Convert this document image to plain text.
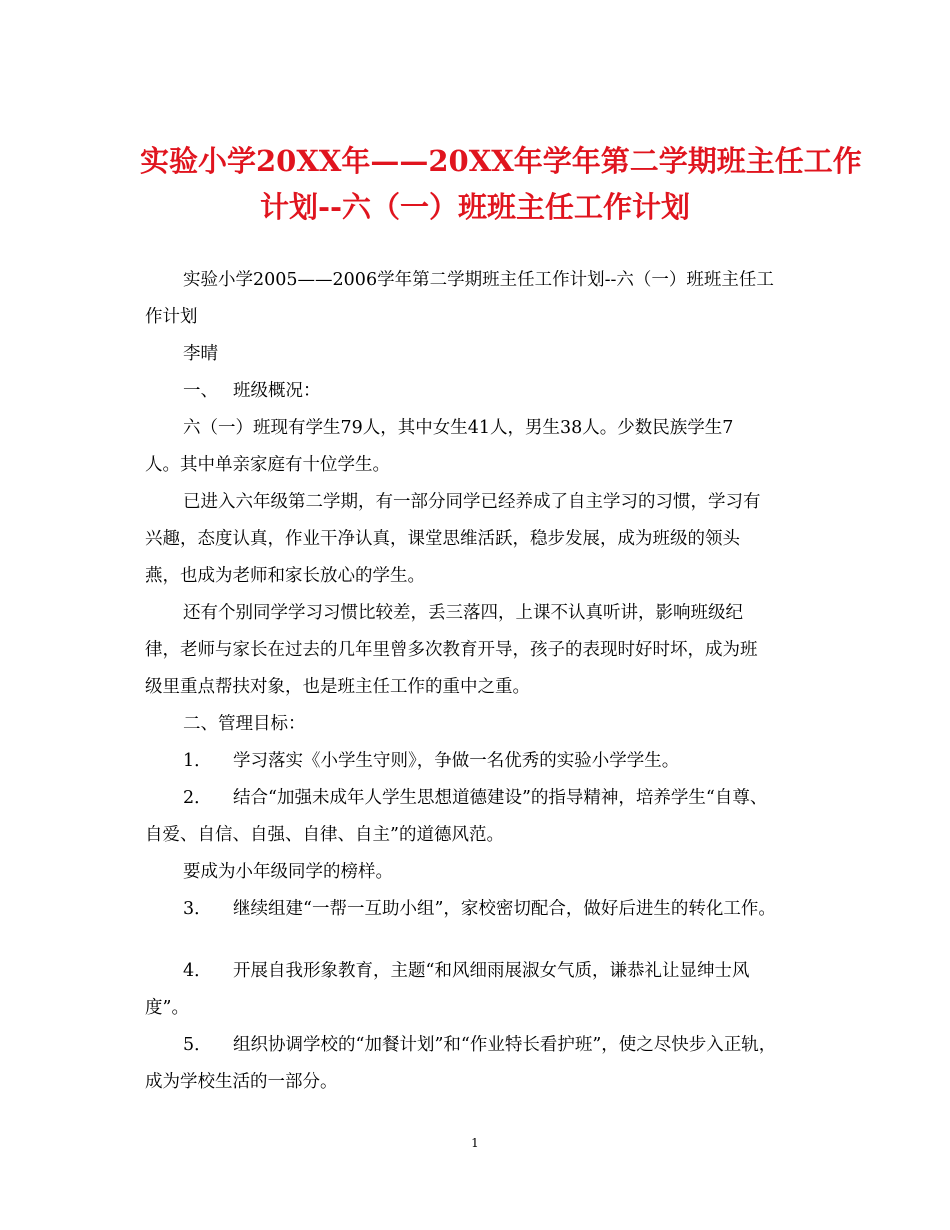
实验小学20XX年——20XX年学年第二学期班主任工作
计划--六（一）班班主任工作计划

实验小学2005——2006学年第二学期班主任工作计划--六（一）班班主任工
作计划

李晴

一、 班级概况：

六（一）班现有学生79人，其中女生41人，男生38人。少数民族学生7
人。其中单亲家庭有十位学生。

已进入六年级第二学期，有一部分同学已经养成了自主学习的习惯，学习有
兴趣，态度认真，作业干净认真，课堂思维活跃，稳步发展，成为班级的领头
燕，也成为老师和家长放心的学生。

还有个别同学学习习惯比较差，丢三落四，上课不认真听讲，影响班级纪
律，老师与家长在过去的几年里曾多次教育开导，孩子的表现时好时坏，成为班
级里重点帮扶对象，也是班主任工作的重中之重。

二、管理目标：

1．	学习落实《小学生守则》，争做一名优秀的实验小学学生。

2． 结合“加强未成年人学生思想道德建设”的指导精神，培养学生“自尊、
自爱、自信、自强、自律、自主”的道德风范。

要成为小年级同学的榜样。

3．	继续组建“一帮一互助小组”，家校密切配合，做好后进生的转化工作。

4． 开展自我形象教育，主题“和风细雨展淑女气质，谦恭礼让显绅士风
度”。

5． 组织协调学校的“加餐计划”和“作业特长看护班”，使之尽快步入正轨，
成为学校生活的一部分。

1
